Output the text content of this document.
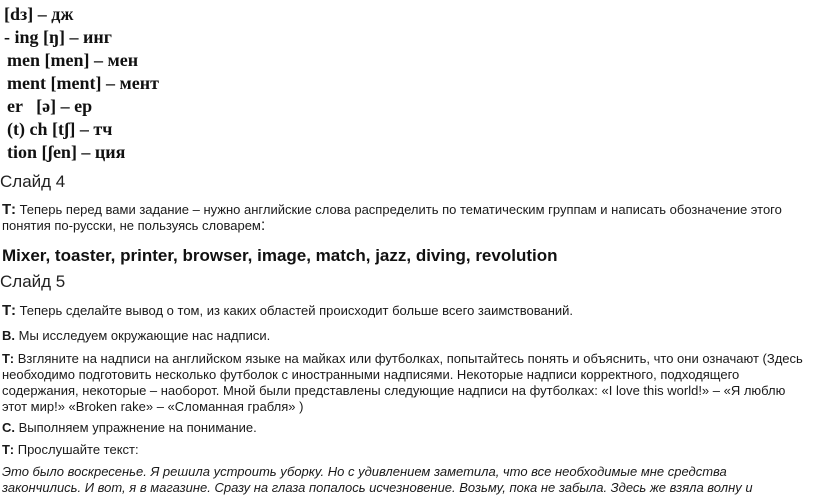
[dз] – дж

- ing [ŋ] – инг

men [men] – мен

ment [ment] – мент

er   [ə] – ер

(t) ch [tʃ] – тч

tion [ʃen] – ция

Слайд 4
Т: Теперь перед вами задание – нужно английские слова распределить по тематическим группам и написать обозначение этого понятия по-русски, не пользуясь словарем:
Mixer, toaster, printer, browser, image, match, jazz, diving, revolution
Слайд 5
Т: Теперь сделайте вывод о том, из каких областей происходит больше всего заимствований.
В. Мы исследуем окружающие нас надписи.
Т: Взгляните на надписи на английском языке на майках или футболках, попытайтесь понять и объяснить, что они означают (Здесь необходимо подготовить несколько футболок с иностранными надписями. Некоторые надписи корректного, подходящего содержания, некоторые – наоборот. Мной были представлены следующие надписи на футболках: «I love this world!» – «Я люблю этот мир!» «Broken rake» – «Сломанная грабля» )
С. Выполняем упражнение на понимание.
Т: Прослушайте текст:
Это было воскресенье. Я решила устроить уборку. Но с удивлением заметила, что все необходимые мне средства закончились. И вот, я в магазине. Сразу на глаза попалось исчезновение. Возьму, пока не забыла. Здесь же взяла волну и
